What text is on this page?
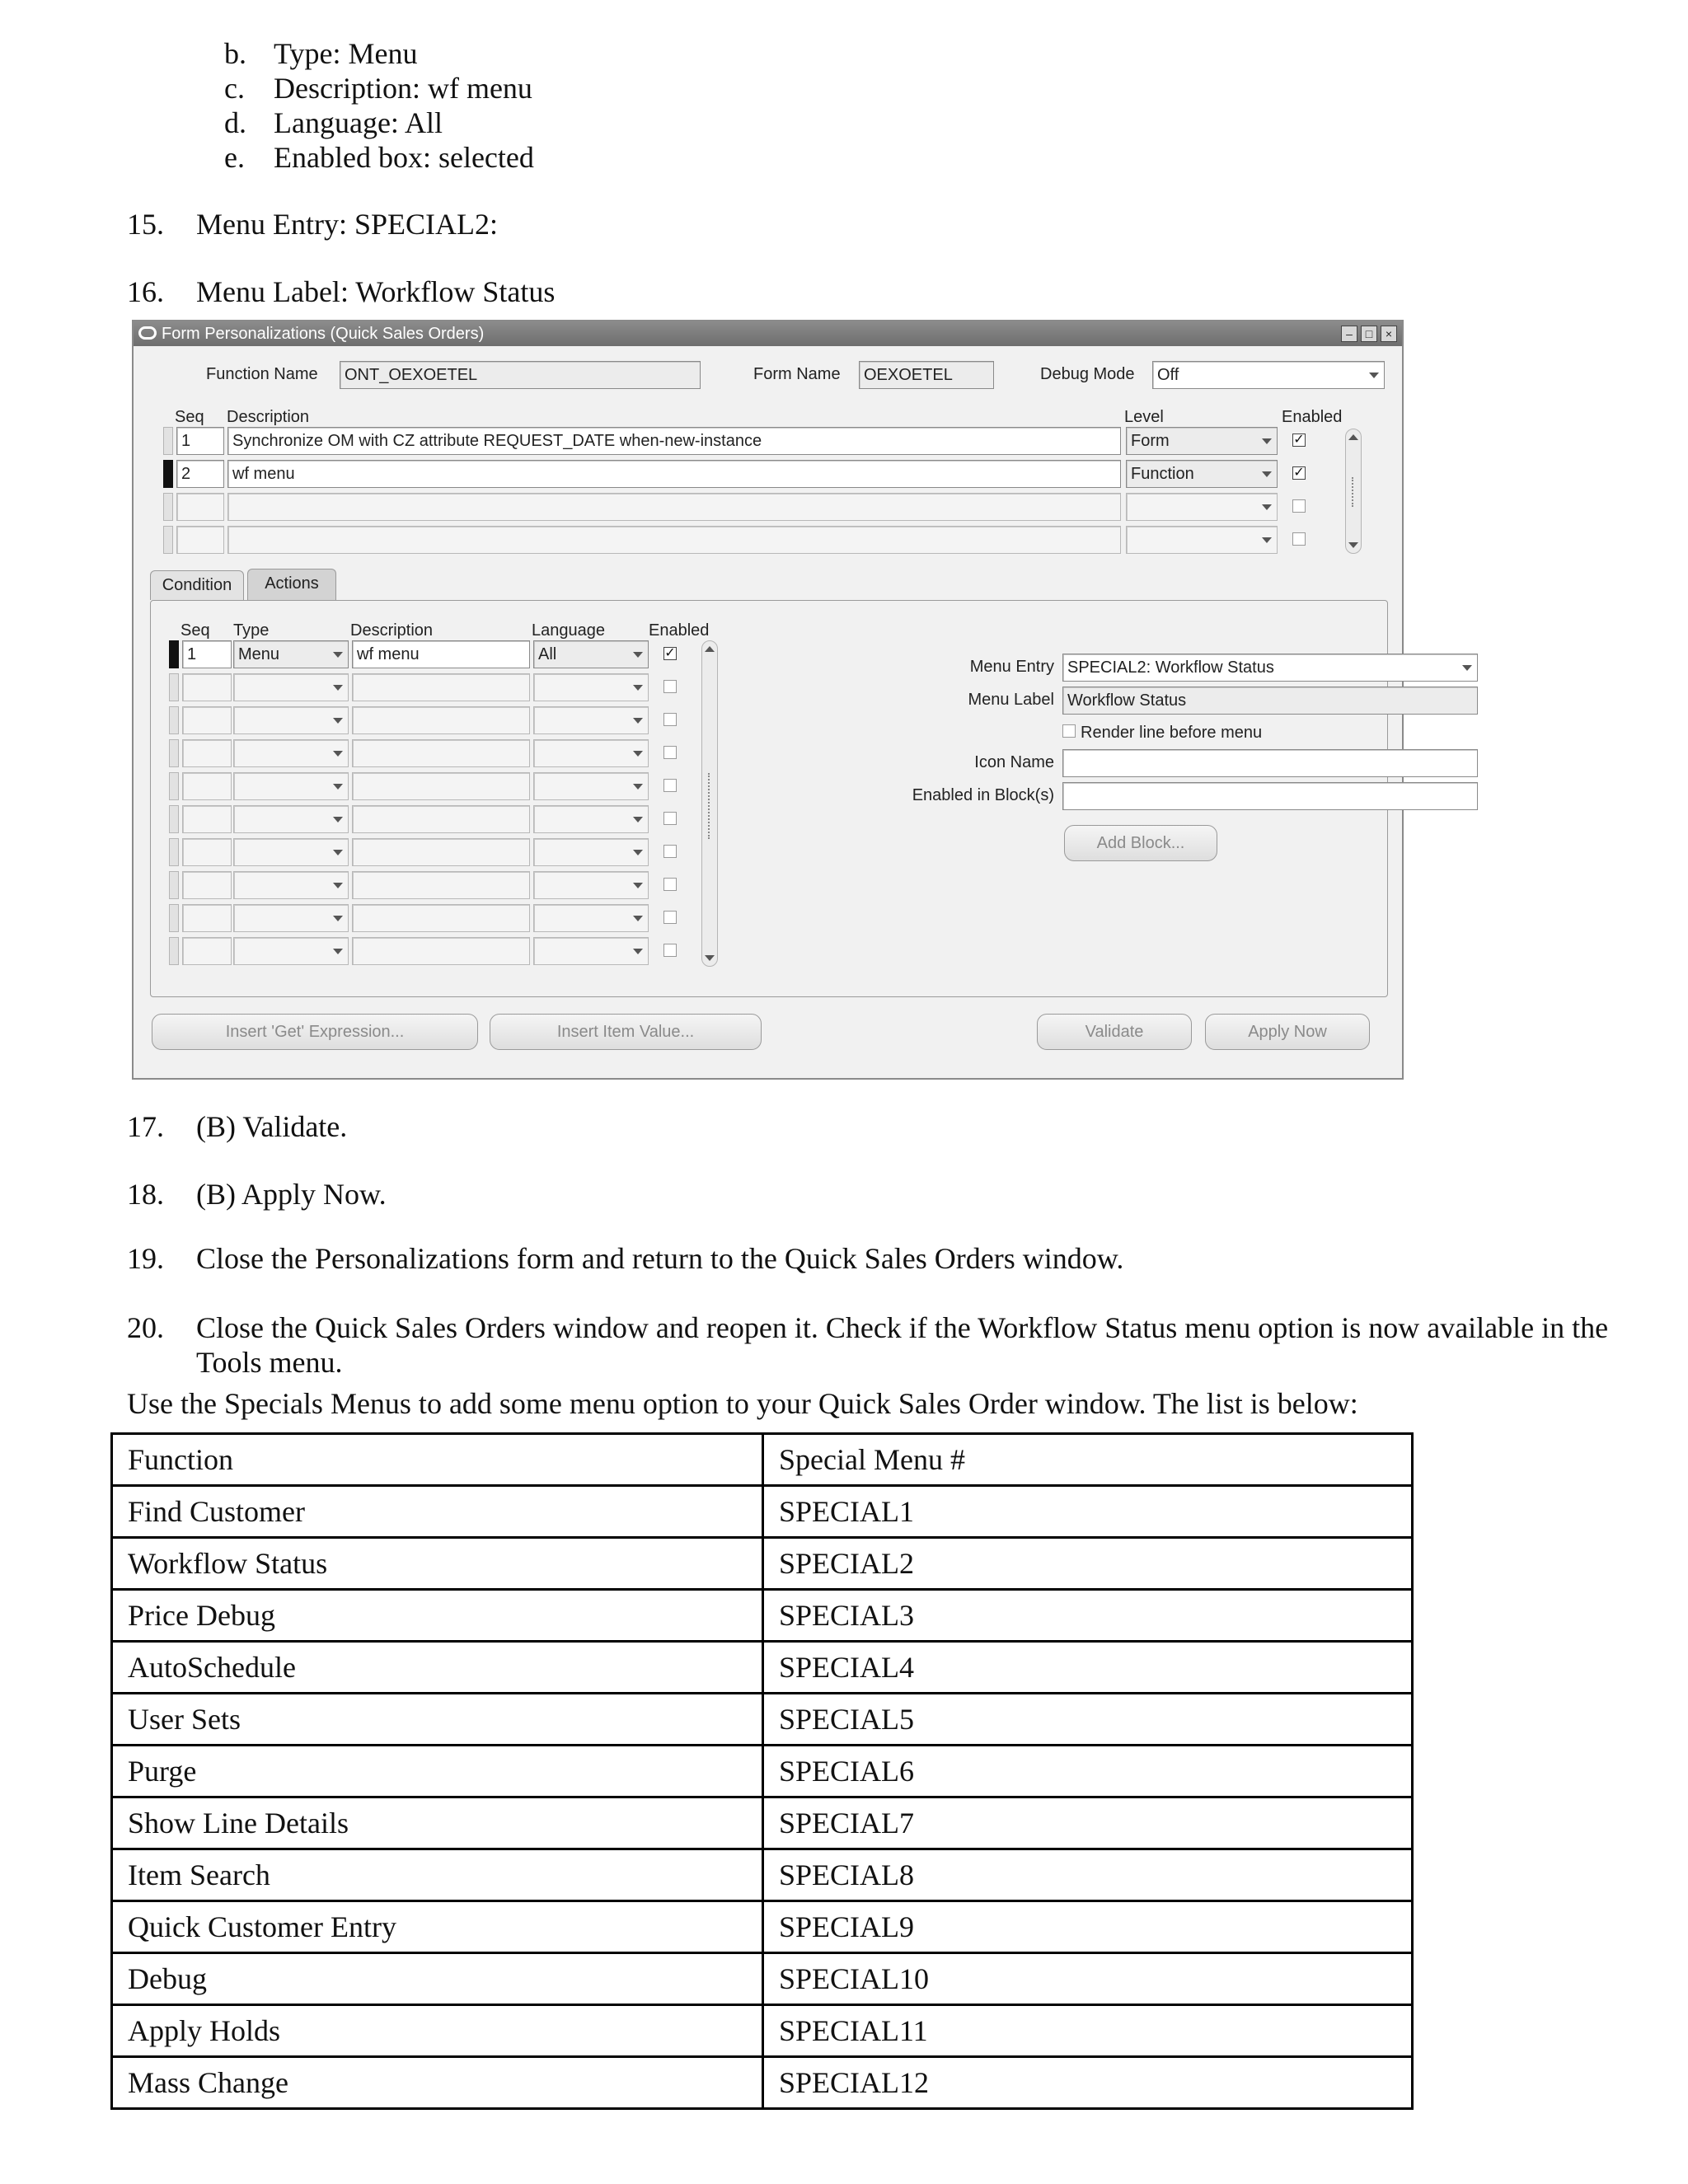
b. Type: Menu
c. Description: wf menu
d. Language: All
e. Enabled box: selected
15. Menu Entry: SPECIAL2:
16. Menu Label: Workflow Status
Form Personalizations (Quick Sales Orders)	–	□	×
Function Name	ONT_OEXOETEL	Form Name	OEXOETEL	Debug Mode	Off
Seq Description	Level	Enabled
1	Synchronize OM with CZ attribute REQUEST_DATE when-new-instance	Form	✓
2	wf menu	Function	✓
Condition	Actions
Seq Type	Description	Language	Enabled
1	Menu	wf menu	All	✓
Menu Entry SPECIAL2: Workflow Status
Menu Label Workflow Status
Render line before menu
Icon Name
Enabled in Block(s)
Add Block...
Insert 'Get' Expression...	Insert Item Value...	Validate	Apply Now
17. (B) Validate.
18. (B) Apply Now.
19. Close the Personalizations form and return to the Quick Sales Orders window.
20. Close the Quick Sales Orders window and reopen it. Check if the Workflow Status menu option is now available in the Tools menu.
Use the Specials Menus to add some menu option to your Quick Sales Order window. The list is below:
Function	Special Menu #
Find Customer	SPECIAL1
Workflow Status	SPECIAL2
Price Debug	SPECIAL3
AutoSchedule	SPECIAL4
User Sets	SPECIAL5
Purge	SPECIAL6
Show Line Details	SPECIAL7
Item Search	SPECIAL8
Quick Customer Entry	SPECIAL9
Debug	SPECIAL10
Apply Holds	SPECIAL11
Mass Change	SPECIAL12
